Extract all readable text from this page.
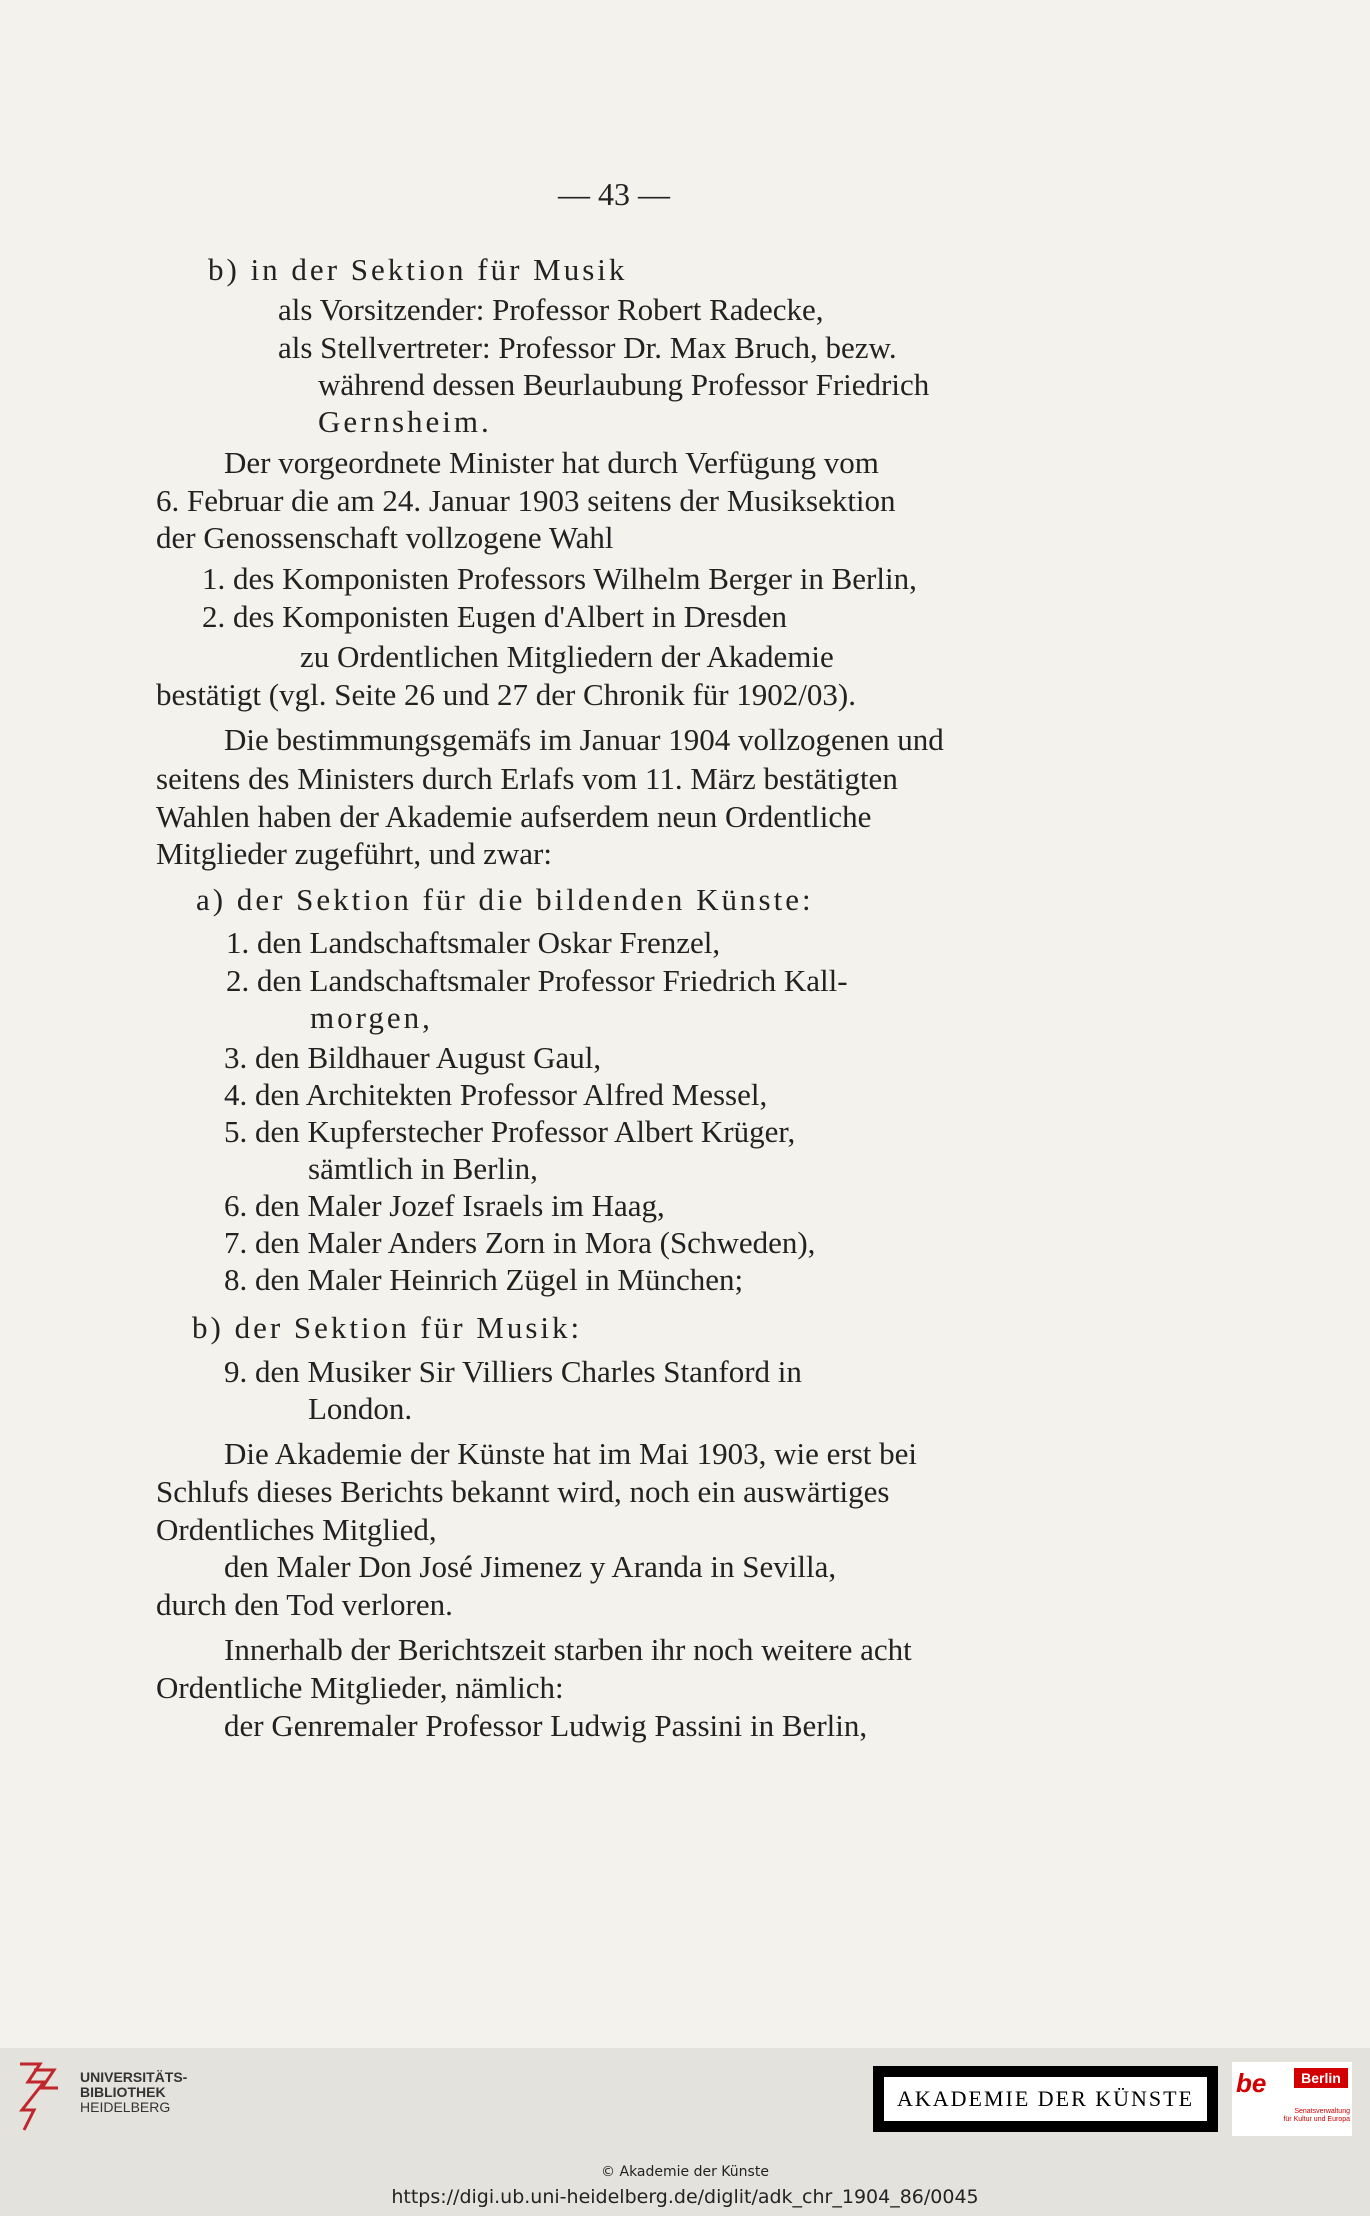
— 43 —

b) in der Sektion für Musik

als Vorsitzender: Professor Robert Radecke,

als Stellvertreter: Professor Dr. Max Bruch, bezw.

während dessen Beurlaubung Professor Friedrich

Gernsheim.

Der vorgeordnete Minister hat durch Verfügung vom

6. Februar die am 24. Januar 1903 seitens der Musiksektion

der Genossenschaft vollzogene Wahl

1. des Komponisten Professors Wilhelm Berger in Berlin,

2. des Komponisten Eugen d'Albert in Dresden

zu Ordentlichen Mitgliedern der Akademie

bestätigt (vgl. Seite 26 und 27 der Chronik für 1902/03).

Die bestimmungsgemäfs im Januar 1904 vollzogenen und

seitens des Ministers durch Erlafs vom 11. März bestätigten

Wahlen haben der Akademie aufserdem neun Ordentliche

Mitglieder zugeführt, und zwar:

a) der Sektion für die bildenden Künste:

1. den Landschaftsmaler Oskar Frenzel,

2. den Landschaftsmaler Professor Friedrich Kall-

morgen,

3. den Bildhauer August Gaul,

4. den Architekten Professor Alfred Messel,

5. den Kupferstecher Professor Albert Krüger,

sämtlich in Berlin,

6. den Maler Jozef Israels im Haag,

7. den Maler Anders Zorn in Mora (Schweden),

8. den Maler Heinrich Zügel in München;

b) der Sektion für Musik:

9. den Musiker Sir Villiers Charles Stanford in

London.

Die Akademie der Künste hat im Mai 1903, wie erst bei

Schlufs dieses Berichts bekannt wird, noch ein auswärtiges

Ordentliches Mitglied,

den Maler Don José Jimenez y Aranda in Sevilla,

durch den Tod verloren.

Innerhalb der Berichtszeit starben ihr noch weitere acht

Ordentliche Mitglieder, nämlich:

der Genremaler Professor Ludwig Passini in Berlin,

UNIVERSITÄTS-
BIBLIOTHEK
HEIDELBERG	AKADEMIE DER KÜNSTE
be	Berlin
Senatsverwaltung
für Kultur und Europa
© Akademie der Künste
https://digi.ub.uni-heidelberg.de/diglit/adk_chr_1904_86/0045
